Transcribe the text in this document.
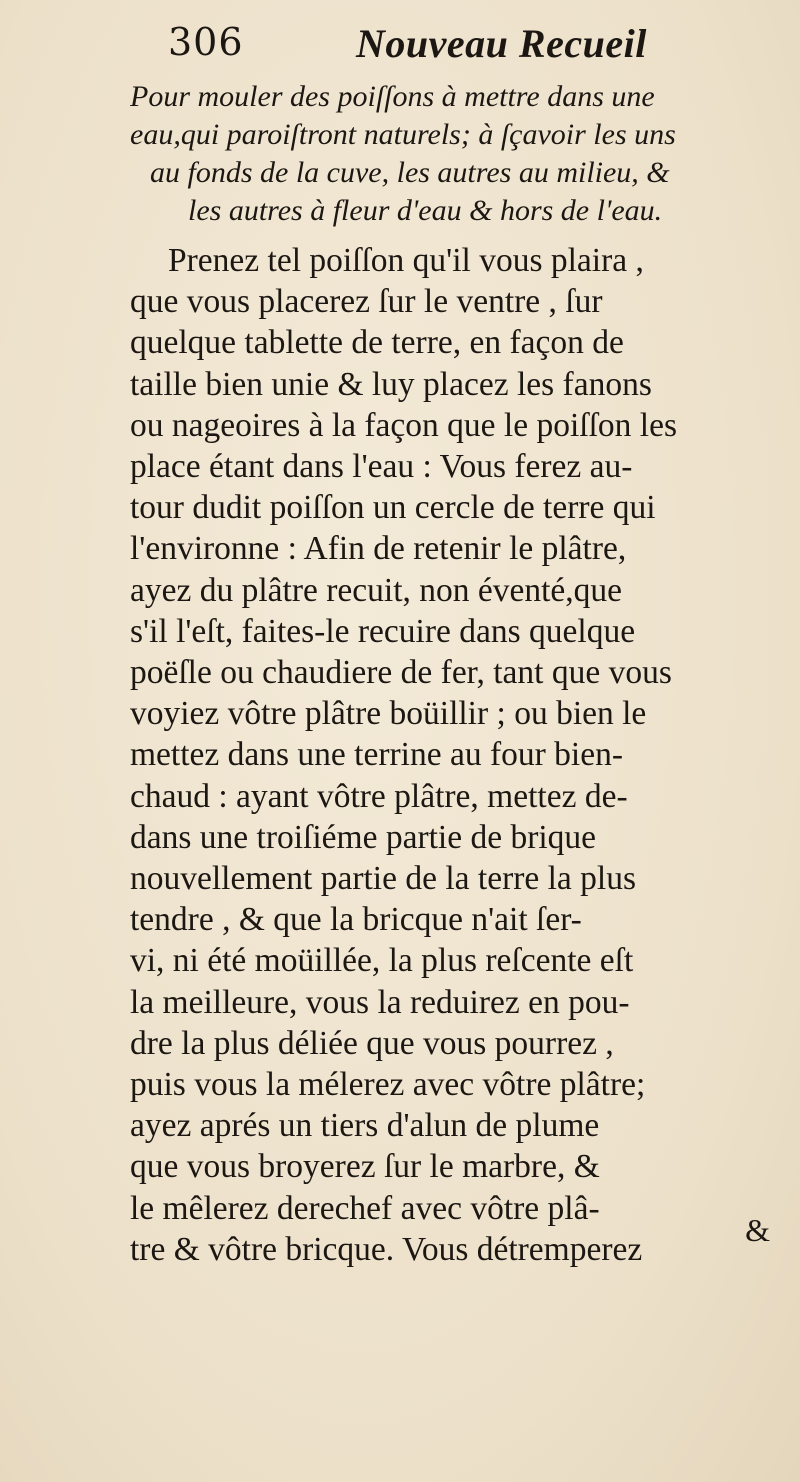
306	Nouveau Recueil
Pour mouler des poiſſons à mettre dans une
eau,qui paroiſtront naturels; à ſçavoir les uns
au fonds de la cuve, les autres au milieu, &
les autres à fleur d'eau & hors de l'eau.
Prenez tel poiſſon qu'il vous plaira ,
que vous placerez ſur le ventre , ſur
quelque tablette de terre, en façon de
taille bien unie & luy placez les fanons
ou nageoires à la façon que le poiſſon les
place étant dans l'eau : Vous ferez au-
tour dudit poiſſon un cercle de terre qui
l'environne : Afin de retenir le plâtre,
ayez du plâtre recuit, non éventé,que
s'il l'eſt, faites-le recuire dans quelque
poëſle ou chaudiere de fer, tant que vous
voyiez vôtre plâtre boüillir ; ou bien le
mettez dans une terrine au four bien-
chaud : ayant vôtre plâtre, mettez de-
dans une troiſiéme partie de brique
nouvellement partie de la terre la plus
tendre , & que la bricque n'ait ſer-
vi, ni été moüillée, la plus reſcente eſt
la meilleure, vous la reduirez en pou-
dre la plus déliée que vous pourrez ,
puis vous la mélerez avec vôtre plâtre;
ayez aprés un tiers d'alun de plume
que vous broyerez ſur le marbre, &
le mêlerez derechef avec vôtre plâ-
tre & vôtre bricque. Vous détremperez
&
